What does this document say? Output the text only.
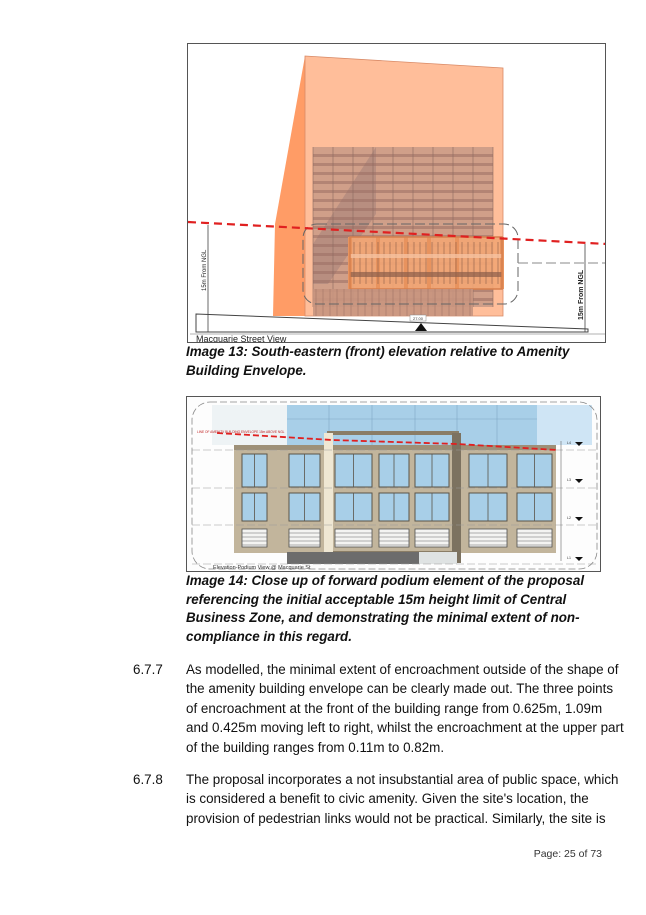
27.00
15m From NGL	15m From NGL
Macquarie Street View
Image 13: South-eastern (front) elevation relative to Amenity
Building Envelope.
LINE OF AMENITY BUILDING ENVELOPE 15m ABOVE NGL
L4
L3
L2
L1
Elevation-Podium View @ Macquarie St
Image 14: Close up of forward podium element of the proposal
referencing the initial acceptable 15m height limit of Central
Business Zone, and demonstrating the minimal extent of non-
compliance in this regard.
6.7.7 As modelled, the minimal extent of encroachment outside of the shape of
the amenity building envelope can be clearly made out. The three points
of encroachment at the front of the building range from 0.625m, 1.09m
and 0.425m moving left to right, whilst the encroachment at the upper part
of the building ranges from 0.11m to 0.82m.
6.7.8 The proposal incorporates a not insubstantial area of public space, which
is considered a benefit to civic amenity. Given the site's location, the
provision of pedestrian links would not be practical. Similarly, the site is
Page: 25 of 73
